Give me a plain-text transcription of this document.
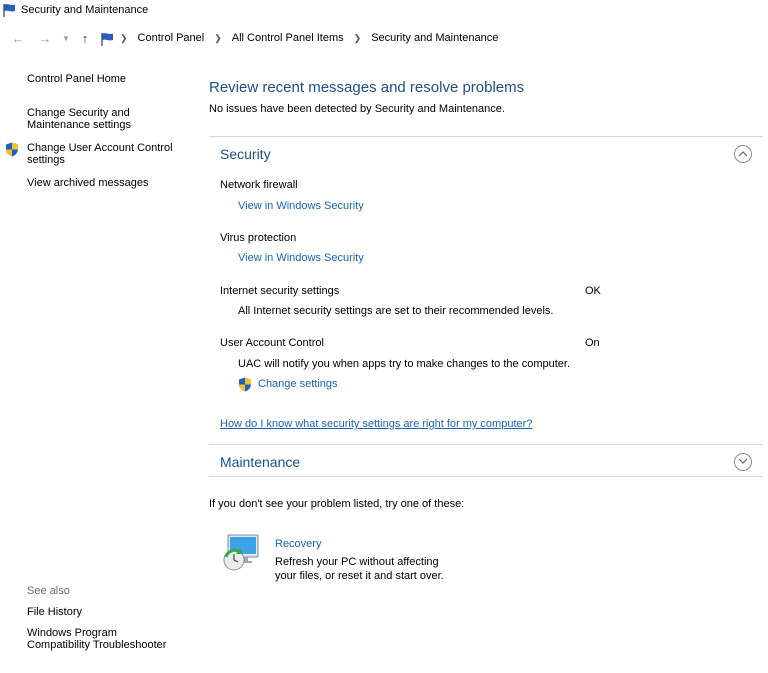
Security and Maintenance
← →	▼ ↑	❯ Control Panel ❯ All Control Panel Items ❯ Security and Maintenance
Control Panel Home
Change Security and
Maintenance settings
Change User Account Control
settings
View archived messages
See also
File History
Windows Program
Compatibility Troubleshooter
Review recent messages and resolve problems
No issues have been detected by Security and Maintenance.
Security
Network firewall
View in Windows Security
Virus protection
View in Windows Security
Internet security settings	OK
All Internet security settings are set to their recommended levels.
User Account Control	On
UAC will notify you when apps try to make changes to the computer.
Change settings
How do I know what security settings are right for my computer?
Maintenance
If you don't see your problem listed, try one of these:
Recovery
Refresh your PC without affecting
your files, or reset it and start over.
